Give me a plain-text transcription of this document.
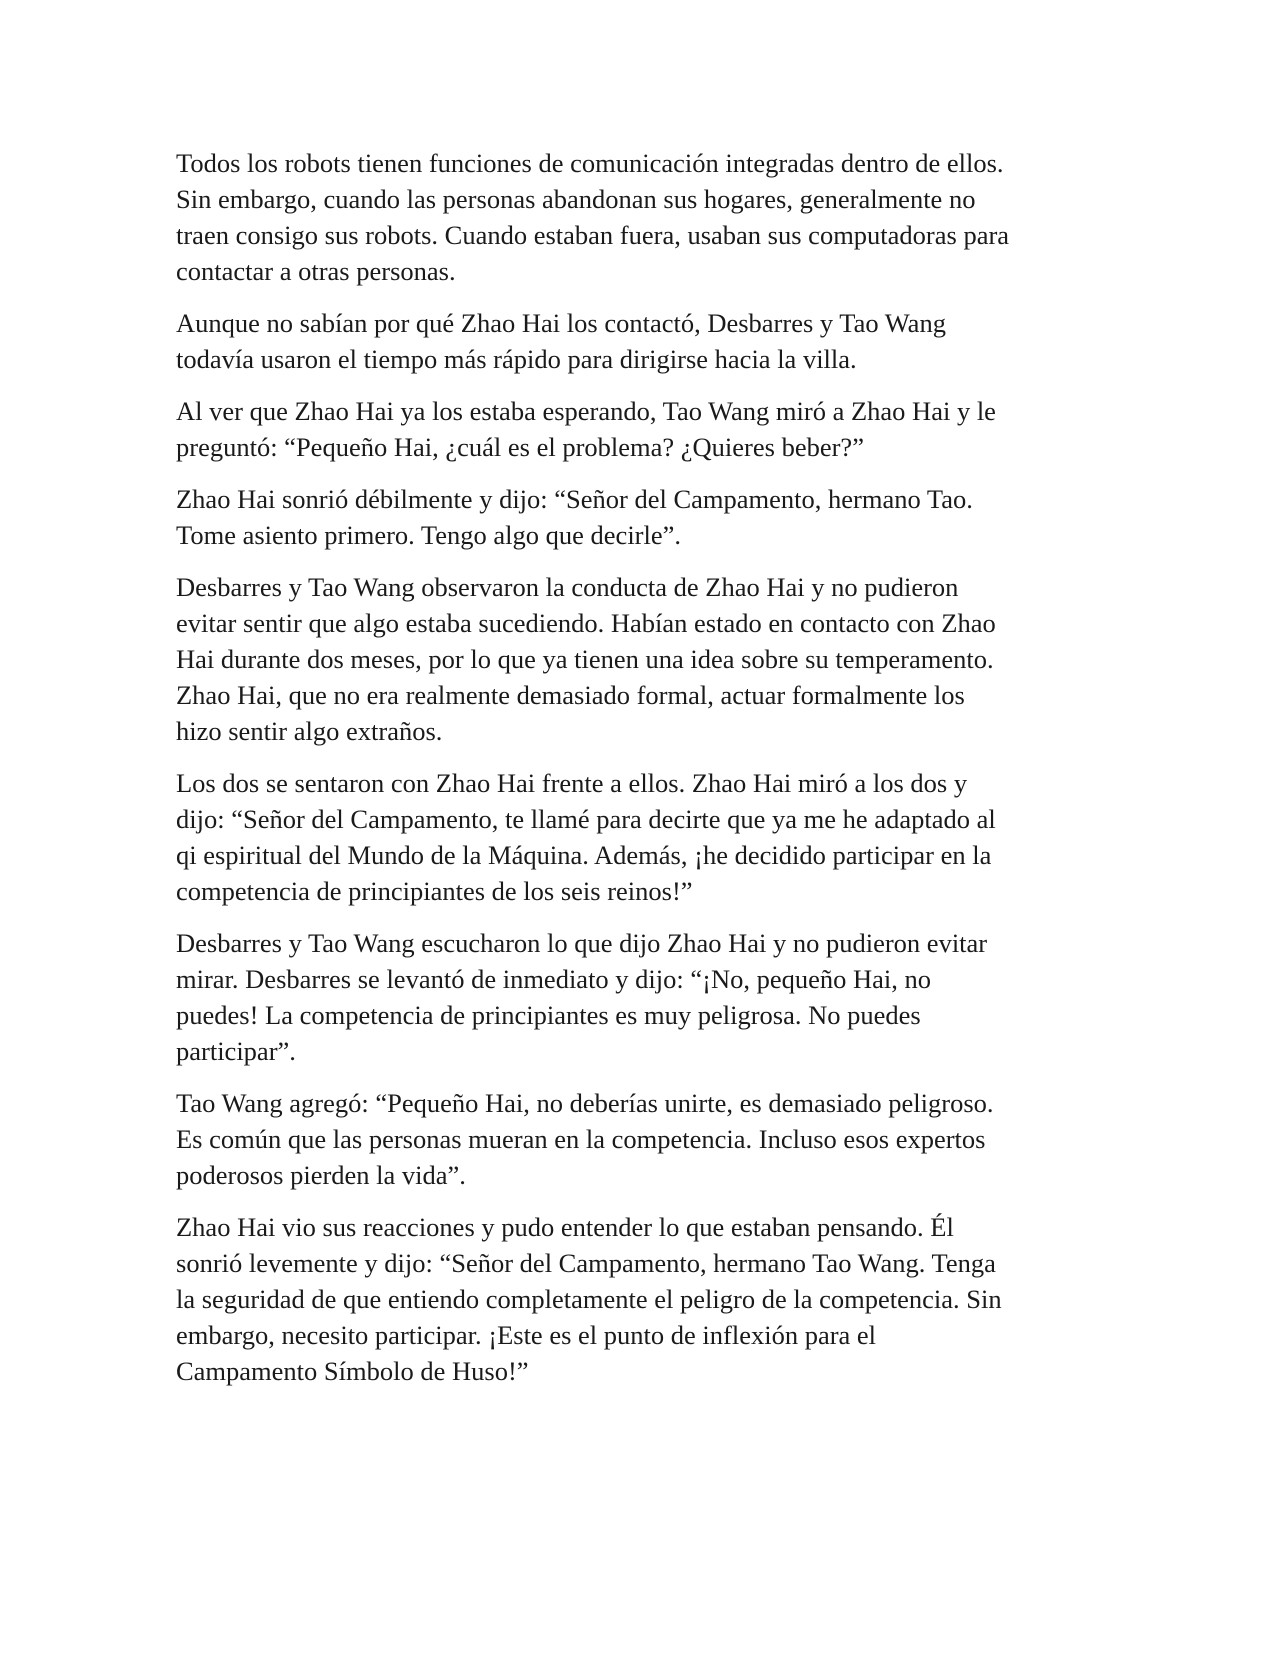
Todos los robots tienen funciones de comunicación integradas dentro de ellos.
Sin embargo, cuando las personas abandonan sus hogares, generalmente no
traen consigo sus robots. Cuando estaban fuera, usaban sus computadoras para
contactar a otras personas.

Aunque no sabían por qué Zhao Hai los contactó, Desbarres y Tao Wang
todavía usaron el tiempo más rápido para dirigirse hacia la villa.

Al ver que Zhao Hai ya los estaba esperando, Tao Wang miró a Zhao Hai y le
preguntó: “Pequeño Hai, ¿cuál es el problema? ¿Quieres beber?”

Zhao Hai sonrió débilmente y dijo: “Señor del Campamento, hermano Tao.
Tome asiento primero. Tengo algo que decirle”.

Desbarres y Tao Wang observaron la conducta de Zhao Hai y no pudieron
evitar sentir que algo estaba sucediendo. Habían estado en contacto con Zhao
Hai durante dos meses, por lo que ya tienen una idea sobre su temperamento.
Zhao Hai, que no era realmente demasiado formal, actuar formalmente los
hizo sentir algo extraños.

Los dos se sentaron con Zhao Hai frente a ellos. Zhao Hai miró a los dos y
dijo: “Señor del Campamento, te llamé para decirte que ya me he adaptado al
qi espiritual del Mundo de la Máquina. Además, ¡he decidido participar en la
competencia de principiantes de los seis reinos!”

Desbarres y Tao Wang escucharon lo que dijo Zhao Hai y no pudieron evitar
mirar. Desbarres se levantó de inmediato y dijo: “¡No, pequeño Hai, no
puedes! La competencia de principiantes es muy peligrosa. No puedes
participar”.

Tao Wang agregó: “Pequeño Hai, no deberías unirte, es demasiado peligroso.
Es común que las personas mueran en la competencia. Incluso esos expertos
poderosos pierden la vida”.

Zhao Hai vio sus reacciones y pudo entender lo que estaban pensando. Él
sonrió levemente y dijo: “Señor del Campamento, hermano Tao Wang. Tenga
la seguridad de que entiendo completamente el peligro de la competencia. Sin
embargo, necesito participar. ¡Este es el punto de inflexión para el
Campamento Símbolo de Huso!”
